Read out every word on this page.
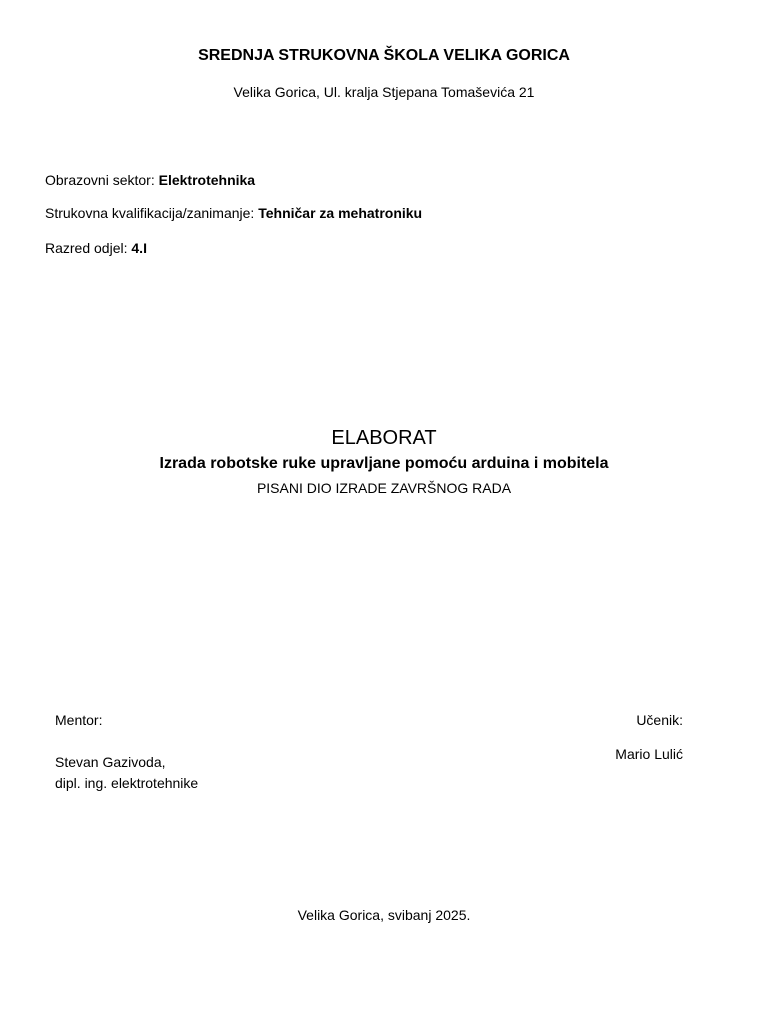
SREDNJA STRUKOVNA ŠKOLA VELIKA GORICA
Velika Gorica, Ul. kralja Stjepana Tomaševića 21
Obrazovni sektor: Elektrotehnika
Strukovna kvalifikacija/zanimanje: Tehničar za mehatroniku
Razred odjel: 4.I
ELABORAT
Izrada robotske ruke upravljane pomoću arduina i mobitela
PISANI DIO IZRADE ZAVRŠNOG RADA
Mentor:
Stevan Gazivoda,
dipl. ing. elektrotehnike
Učenik:
Mario Lulić
Velika Gorica, svibanj 2025.
